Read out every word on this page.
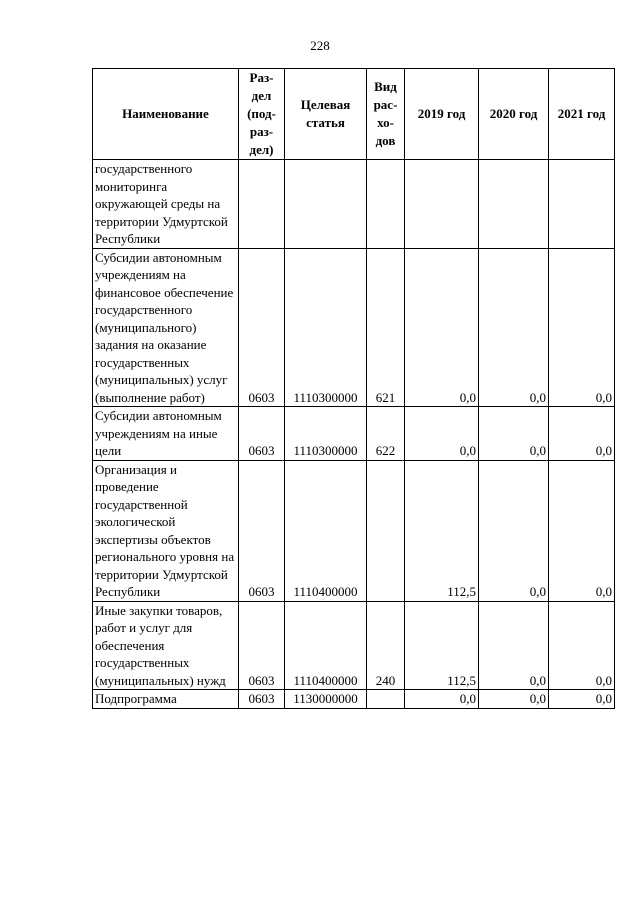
228
Наименование	Раз-
дел
(под-
раз-
дел)	Целевая
статья	Вид
рас-
хо-
дов	2019 год	2020 год	2021 год
государственного мониторинга окружающей среды на территории Удмуртской Республики						
Субсидии автономным учреждениям на финансовое обеспечение государственного (муниципального) задания на оказание государственных (муниципальных) услуг (выполнение работ)	0603	1110300000	621	0,0	0,0	0,0
Субсидии автономным учреждениям на иные цели	0603	1110300000	622	0,0	0,0	0,0
Организация и проведение государственной экологической экспертизы объектов регионального уровня на территории Удмуртской Республики	0603	1110400000		112,5	0,0	0,0
Иные закупки товаров, работ и услуг для обеспечения государственных (муниципальных) нужд	0603	1110400000	240	112,5	0,0	0,0
Подпрограмма	0603	1130000000		0,0	0,0	0,0
